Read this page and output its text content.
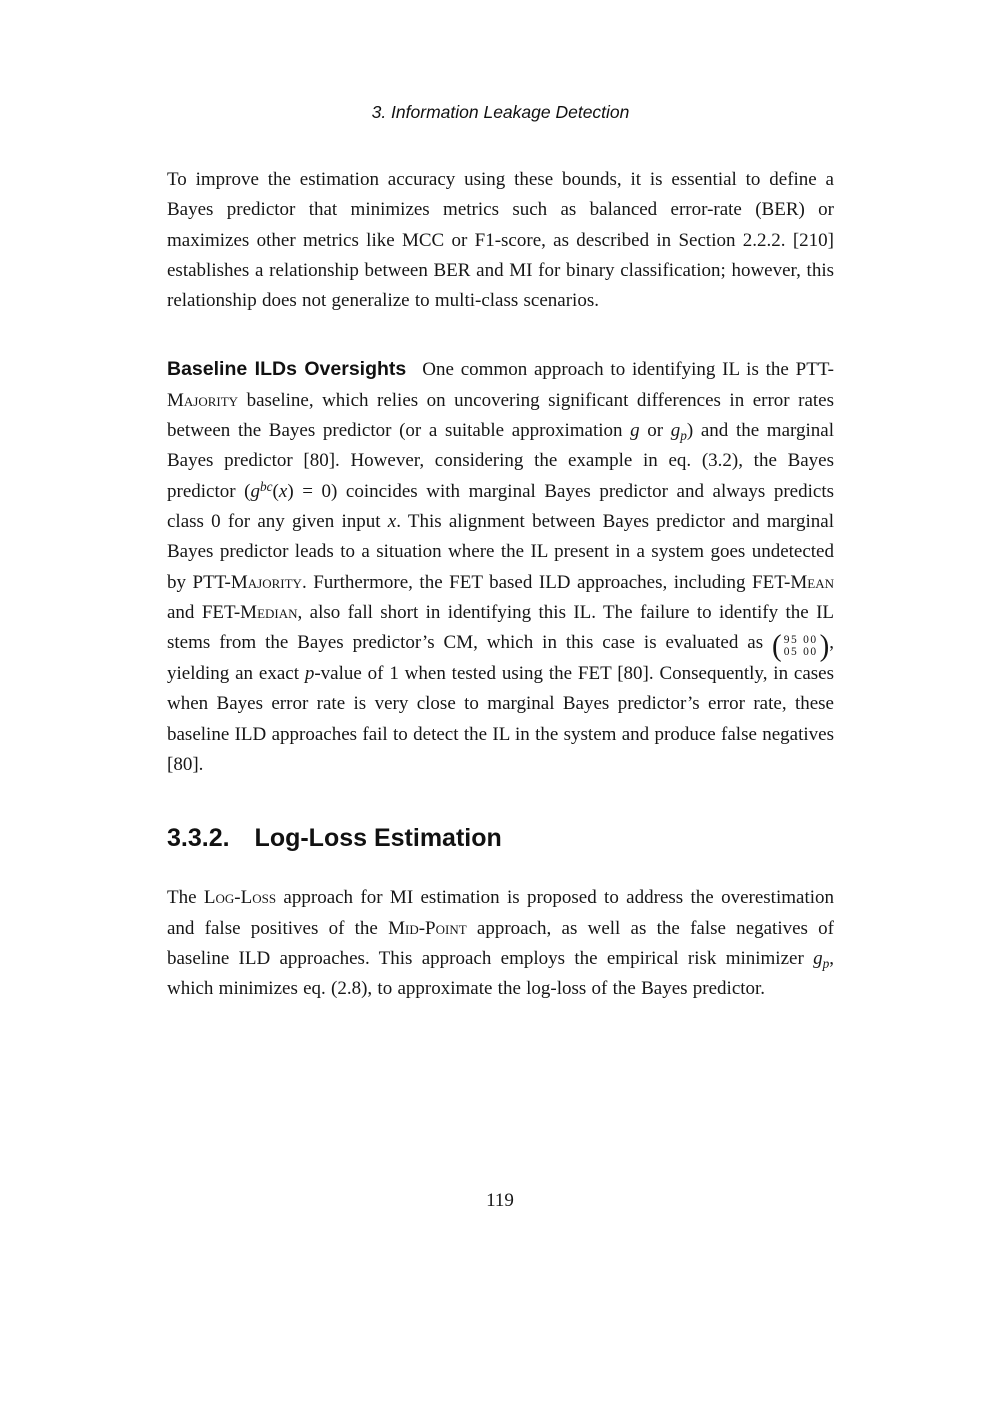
3. Information Leakage Detection

To improve the estimation accuracy using these bounds, it is essential to define a Bayes predictor that minimizes metrics such as balanced error-rate (BER) or maximizes other metrics like MCC or F1-score, as described in Section 2.2.2. [210] establishes a relationship between BER and MI for binary classification; however, this relationship does not generalize to multi-class scenarios.

Baseline ILDs Oversights One common approach to identifying IL is the PTT-Majority baseline, which relies on uncovering significant differences in error rates between the Bayes predictor (or a suitable approximation g or $g_p$) and the marginal Bayes predictor [80]. However, considering the example in eq. (3.2), the Bayes predictor $(g^{bc}(x) = 0)$ coincides with marginal Bayes predictor and always predicts class 0 for any given input x. This alignment between Bayes predictor and marginal Bayes predictor leads to a situation where the IL present in a system goes undetected by PTT-Majority. Furthermore, the FET based ILD approaches, including FET-Mean and FET-Median, also fall short in identifying this IL. The failure to identify the IL stems from the Bayes predictor’s CM, which in this case is evaluated as ( 95 00
05 00 ) , yielding an exact p-value of 1 when tested using the FET [80]. Consequently, in cases when Bayes error rate is very close to marginal Bayes predictor’s error rate, these baseline ILD approaches fail to detect the IL in the system and produce false negatives [80].

3.3.2. Log-Loss Estimation

The Log-Loss approach for MI estimation is proposed to address the overestimation and false positives of the Mid-Point approach, as well as the false negatives of baseline ILD approaches. This approach employs the empirical risk minimizer $g_p$, which minimizes eq. (2.8), to approximate the log-loss of the Bayes predictor.

119
